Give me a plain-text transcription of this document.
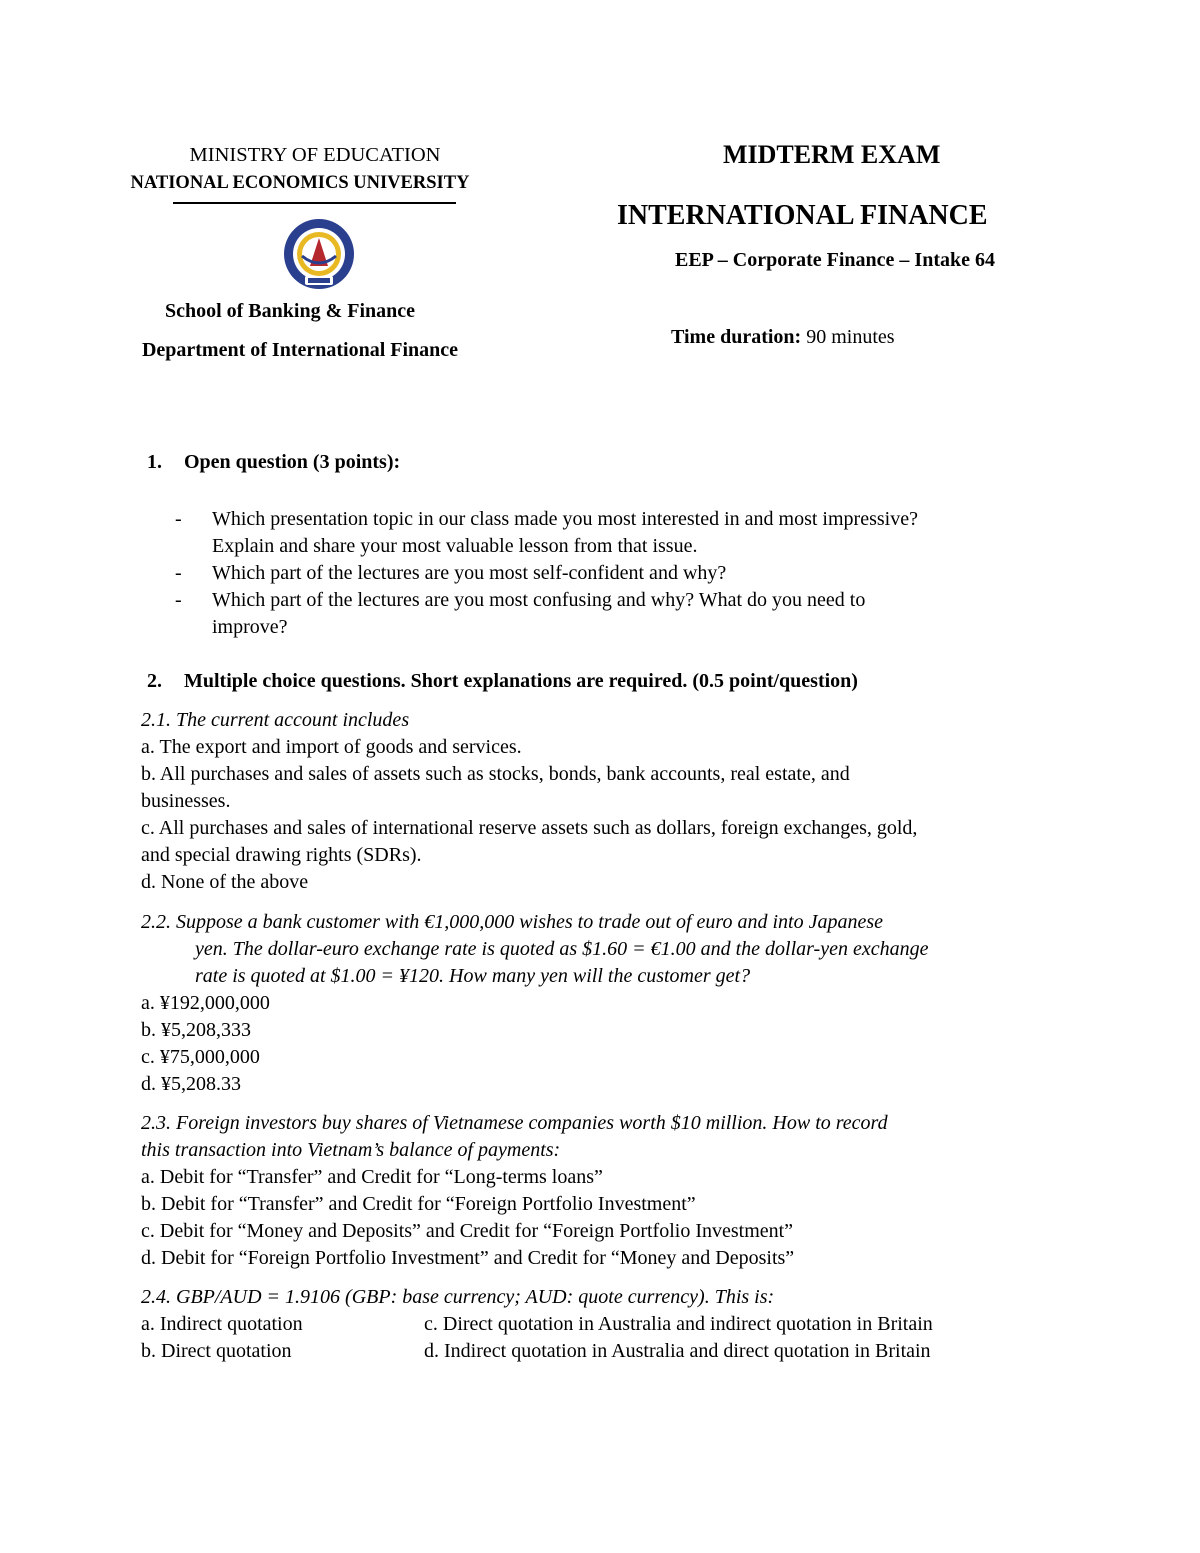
MINISTRY OF EDUCATION
NATIONAL ECONOMICS UNIVERSITY
School of Banking & Finance
Department of International Finance
MIDTERM EXAM
INTERNATIONAL FINANCE
EEP – Corporate Finance – Intake 64
Time duration: 90 minutes
1. Open question (3 points):
- Which presentation topic in our class made you most interested in and most impressive?
Explain and share your most valuable lesson from that issue.
- Which part of the lectures are you most self-confident and why?
- Which part of the lectures are you most confusing and why? What do you need to
improve?
2. Multiple choice questions. Short explanations are required. (0.5 point/question)
2.1. The current account includes
a. The export and import of goods and services.
b. All purchases and sales of assets such as stocks, bonds, bank accounts, real estate, and
businesses.
c. All purchases and sales of international reserve assets such as dollars, foreign exchanges, gold,
and special drawing rights (SDRs).
d. None of the above
2.2. Suppose a bank customer with €1,000,000 wishes to trade out of euro and into Japanese
yen. The dollar-euro exchange rate is quoted as $1.60 = €1.00 and the dollar-yen exchange
rate is quoted at $1.00 = ¥120. How many yen will the customer get?
a. ¥192,000,000
b. ¥5,208,333
c. ¥75,000,000
d. ¥5,208.33
2.3. Foreign investors buy shares of Vietnamese companies worth $10 million. How to record
this transaction into Vietnam’s balance of payments:
a. Debit for “Transfer” and Credit for “Long-terms loans”
b. Debit for “Transfer” and Credit for “Foreign Portfolio Investment”
c. Debit for “Money and Deposits” and Credit for “Foreign Portfolio Investment”
d. Debit for “Foreign Portfolio Investment” and Credit for “Money and Deposits”
2.4. GBP/AUD = 1.9106 (GBP: base currency; AUD: quote currency). This is:
a. Indirect quotation	c. Direct quotation in Australia and indirect quotation in Britain
b. Direct quotation	d. Indirect quotation in Australia and direct quotation in Britain
